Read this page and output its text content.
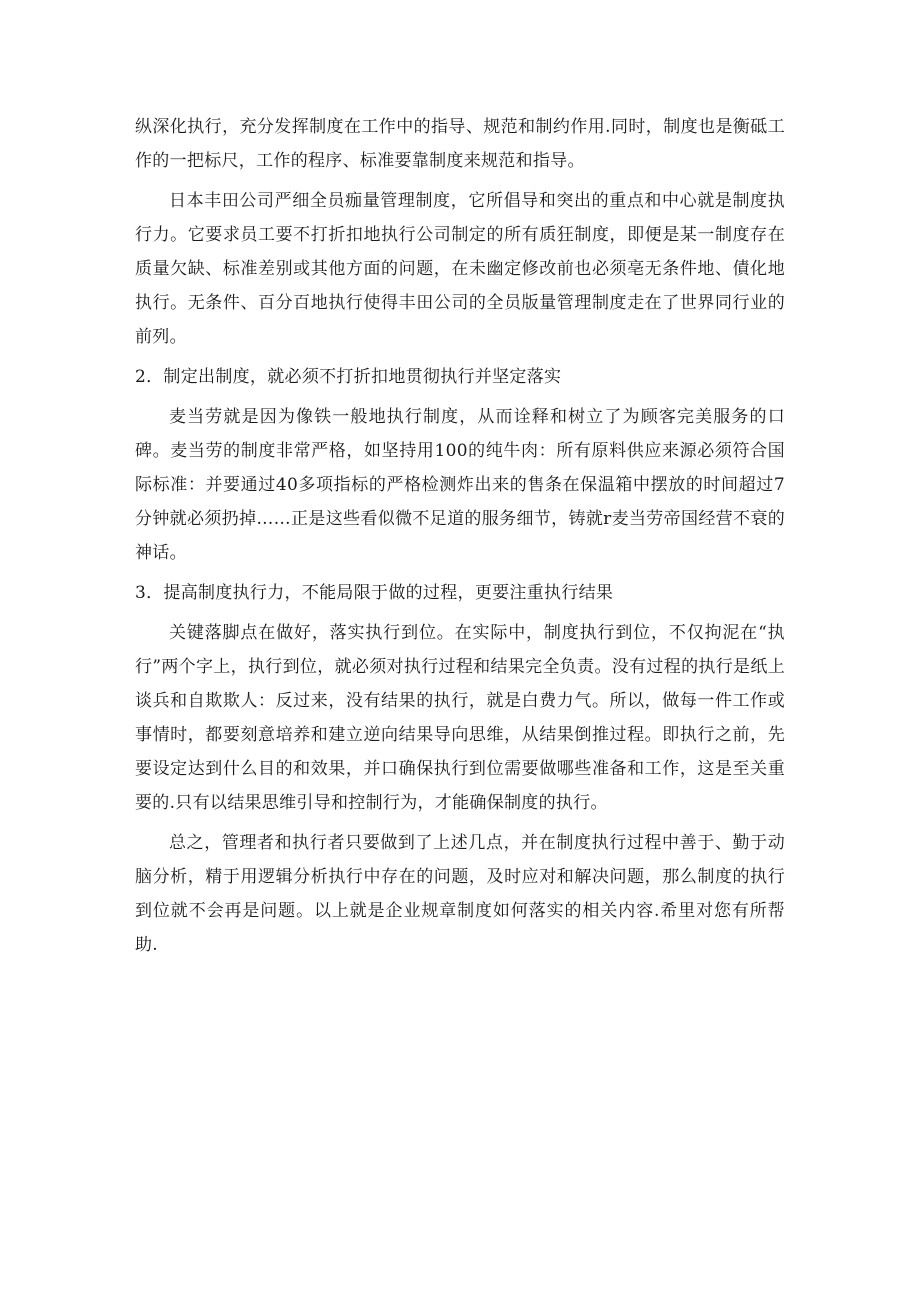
纵深化执行，充分发挥制度在工作中的指导、规范和制约作用.同时，制度也是衡砥工作的一把标尺，工作的程序、标准要靠制度来规范和指导。

日本丰田公司严细全员痂量管理制度，它所倡导和突出的重点和中心就是制度执行力。它要求员工要不打折扣地执行公司制定的所有质狂制度，即便是某一制度存在质量欠缺、标准差别或其他方面的问题，在未幽定修改前也必须亳无条件地、債化地执行。无条件、百分百地执行使得丰田公司的全员版量管理制度走在了世界同行业的前列。

2．制定出制度，就必须不打折扣地贯彻执行并坚定落实

麦当劳就是因为像铁一般地执行制度，从而诠释和树立了为顾客完美服务的口碑。麦当劳的制度非常严格，如坚持用100的纯牛肉：所有原料供应来源必须符合国际标准：并要通过40多项指标的严格检测炸出来的售条在保温箱中摆放的时间超过7分钟就必须扔掉……正是这些看似微不足道的服务细节，铸就r麦当劳帝国经营不衰的神话。

3．提高制度执行力，不能局限于做的过程，更要注重执行结果

关键落脚点在做好，落实执行到位。在实际中，制度执行到位，不仅拘泥在“执行”两个字上，执行到位，就必须对执行过程和结果完全负责。没有过程的执行是纸上谈兵和自欺欺人：反过来，没有结果的执行，就是白费力气。所以，做每一件工作或事情时，都要刻意培养和建立逆向结果导向思维，从结果倒推过程。即执行之前，先要设定达到什么目的和效果，并口确保执行到位需要做哪些准备和工作，这是至关重要的.只有以结果思维引导和控制行为，才能确保制度的执行。

总之，管理者和执行者只要做到了上述几点，并在制度执行过程中善于、勤于动脑分析，精于用逻辑分析执行中存在的问题，及时应对和解决问题，那么制度的执行到位就不会再是问题。以上就是企业规章制度如何落实的相关内容.希里对您有所帮助.
